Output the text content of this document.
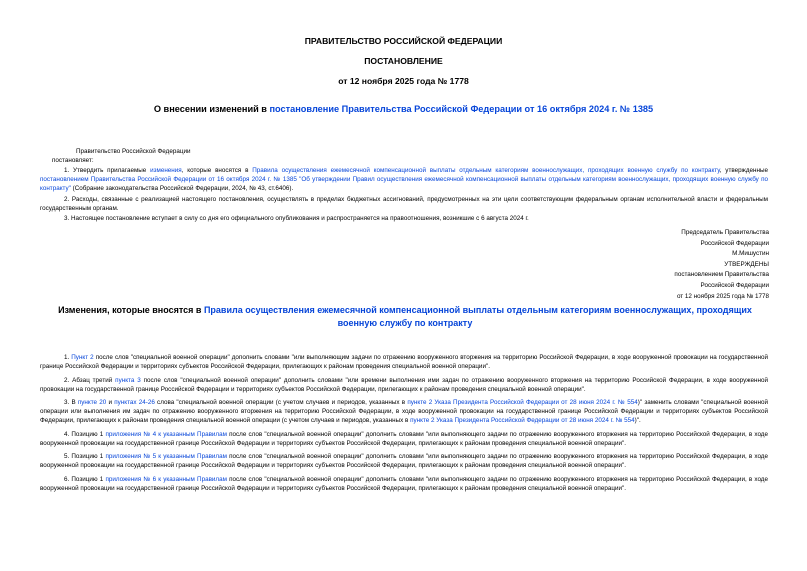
ПРАВИТЕЛЬСТВО РОССИЙСКОЙ ФЕДЕРАЦИИ
ПОСТАНОВЛЕНИЕ
от 12 ноября 2025 года № 1778
О внесении изменений в постановление Правительства Российской Федерации от 16 октября 2024 г. № 1385

Правительство Российской Федерации

постановляет:

1. Утвердить прилагаемые изменения, которые вносятся в Правила осуществления ежемесячной компенсационной выплаты отдельным категориям военнослужащих, проходящих военную службу по контракту, утвержденные постановлением Правительства Российской Федерации от 16 октября 2024 г. № 1385 "Об утверждении Правил осуществления ежемесячной компенсационной выплаты отдельным категориям военнослужащих, проходящих военную службу по контракту" (Собрание законодательства Российской Федерации, 2024, № 43, ст.6406).

2. Расходы, связанные с реализацией настоящего постановления, осуществлять в пределах бюджетных ассигнований, предусмотренных на эти цели соответствующим федеральным органам исполнительной власти и федеральным государственным органам.

3. Настоящее постановление вступает в силу со дня его официального опубликования и распространяется на правоотношения, возникшие с 6 августа 2024 г.

Председатель Правительства
Российской Федерации
М.Мишустин
УТВЕРЖДЕНЫ
постановлением Правительства
Российской Федерации
от 12 ноября 2025 года № 1778
Изменения, которые вносятся в Правила осуществления ежемесячной компенсационной выплаты отдельным категориям военнослужащих, проходящих военную службу по контракту

1. Пункт 2 после слов "специальной военной операции" дополнить словами "или выполняющим задачи по отражению вооруженного вторжения на территорию Российской Федерации, в ходе вооруженной провокации на государственной границе Российской Федерации и территориях субъектов Российской Федерации, прилегающих к районам проведения специальной военной операции".

2. Абзац третий пункта 3 после слов "специальной военной операции" дополнить словами "или времени выполнения ими задач по отражению вооруженного вторжения на территорию Российской Федерации, в ходе вооруженной провокации на государственной границе Российской Федерации и территориях субъектов Российской Федерации, прилегающих к районам проведения специальной военной операции".

3. В пункте 20 и пунктах 24-26 слова "специальной военной операции (с учетом случаев и периодов, указанных в пункте 2 Указа Президента Российской Федерации от 28 июня 2024 г. № 554)" заменить словами "специальной военной операции или выполнения им задач по отражению вооруженного вторжения на территорию Российской Федерации, в ходе вооруженной провокации на государственной границе Российской Федерации и территориях субъектов Российской Федерации, прилегающих к районам проведения специальной военной операции (с учетом случаев и периодов, указанных в пункте 2 Указа Президента Российской Федерации от 28 июня 2024 г. № 554)".

4. Позицию 1 приложения № 4 к указанным Правилам после слов "специальной военной операции" дополнить словами "или выполняющего задачи по отражению вооруженного вторжения на территорию Российской Федерации, в ходе вооруженной провокации на государственной границе Российской Федерации и территориях субъектов Российской Федерации, прилегающих к районам проведения специальной военной операции".

5. Позицию 1 приложения № 5 к указанным Правилам после слов "специальной военной операции" дополнить словами "или выполняющего задачи по отражению вооруженного вторжения на территорию Российской Федерации, в ходе вооруженной провокации на государственной границе Российской Федерации и территориях субъектов Российской Федерации, прилегающих к районам проведения специальной военной операции".

6. Позицию 1 приложения № 6 к указанным Правилам после слов "специальной военной операции" дополнить словами "или выполняющего задачи по отражению вооруженного вторжения на территорию Российской Федерации, в ходе вооруженной провокации на государственной границе Российской Федерации и территориях субъектов Российской Федерации, прилегающих к районам проведения специальной военной операции".
